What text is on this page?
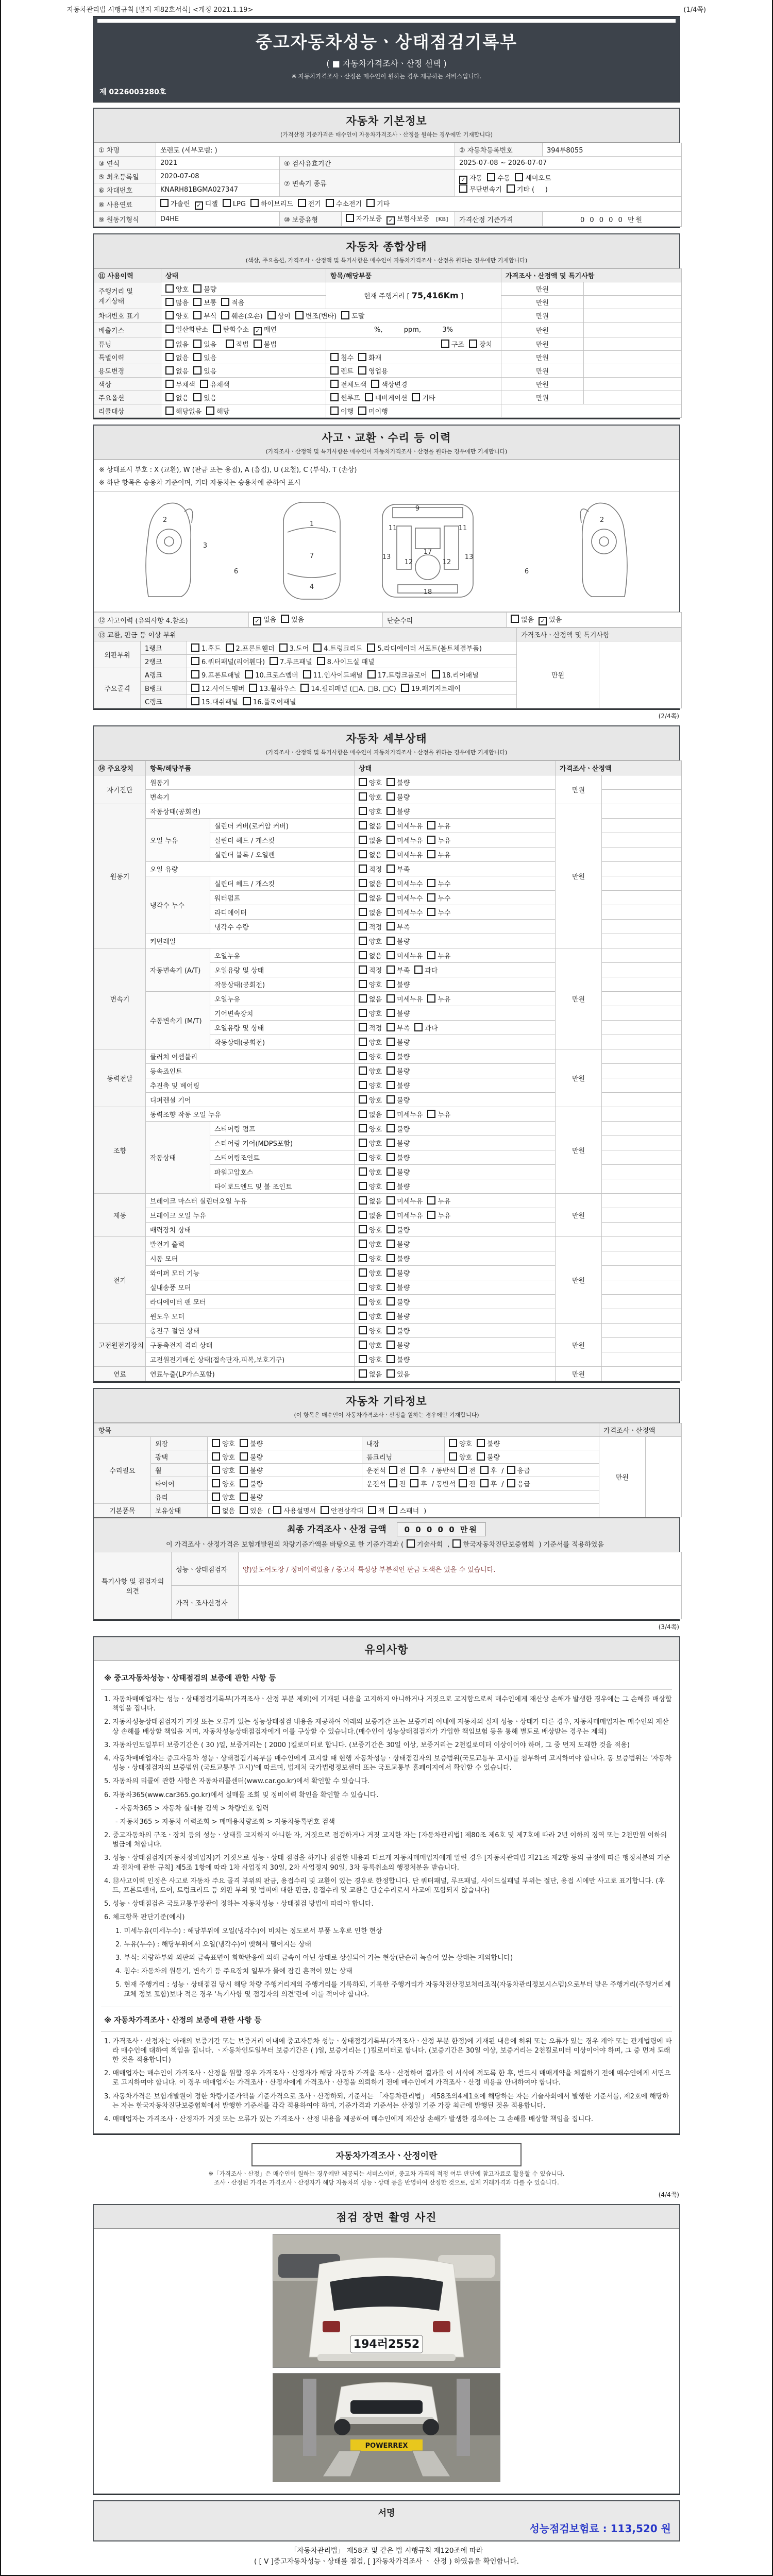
자동차관리법 시행규칙 [별지 제82호서식] <개정 2021.1.19>	(1/4쪽)
중고자동차성능ㆍ상태점검기록부
( ■ 자동차가격조사ㆍ산정 선택 )
※ 자동차가격조사ㆍ산정은 매수인이 원하는 경우 제공하는 서비스입니다.
제 0226003280호
자동차 기본정보
(가격산정 기준가격은 매수인이 자동차가격조사ㆍ산정을 원하는 경우에만 기재합니다)
① 차명	쏘렌토 (세부모델: )			② 자동차등록번호	394루8055
③ 연식	2021	④ 검사유효기간		2025-07-08 ~ 2026-07-07	
⑤ 최초등록일	2020-07-08	⑦ 변속기 종류		✓ 자동 수동 세미오토
무단변속기 기타 (     )	

⑥ 차대번호	KNARH81BGMA027347				
⑧ 사용연료	가솔린 ✓ 디젤 LPG 하이브리드 전기 수소전기 기타				
⑨ 원동기형식	D4HE	⑩ 보증유형	자가보증 ✓ 보험사보증 [KB]	가격산정 기준가격	0 0 0 0 0 만원
자동차 종합상태
(색상, 주요옵션, 가격조사ㆍ산정액 및 특기사항은 매수인이 자동차가격조사ㆍ산정을 원하는 경우에만 기재합니다)
⑪ 사용이력	상태	항목/해당부품	가격조사ㆍ산정액 및 특기사항	
주행거리 및 계기상태	양호 불량	현재 주행거리 [ 75,416Km ]	만원	
	많음 보통 적음		만원	
차대번호 표기	양호 부식 훼손(오손) 상이 변조(변타) 도말		만원	
배출가스	일산화탄소 탄화수소 ✓ 매연	%,          ppm,          3%	만원	
튜닝	없음 있음 적법 불법	구조 장치	만원	
특별이력	없음 있음	침수 화재	만원	
용도변경	없음 있음	렌트 영업용	만원	
색상	무채색 유채색	전체도색 색상변경	만원	
주요옵션	없음 있음	썬루프 네비게이션 기타	만원	
리콜대상	해당없음 해당	이행 미이행		
사고ㆍ교환ㆍ수리 등 이력
(가격조사ㆍ산정액 및 특기사항은 매수인이 자동차가격조사ㆍ산정을 원하는 경우에만 기재합니다)
※ 상태표시 부호 : X (교환), W (판금 또는 용접), A (흠집), U (요철), C (부식), T (손상)
※ 하단 항목은 승용차 기준이며, 기타 자동차는 승용차에 준하여 표시
2
3
6
1
7
4
9
11	11
13	13
12	12
17
18
2
6
⑫ 사고이력 (유의사항 4.참조)	✓ 없음 있음	단순수리	없음 ✓ 있음
⑬ 교환, 판금 등 이상 부위			가격조사ㆍ산정액 및 특기사항	
외판부위	1랭크	1.후드 2.프론트휀더 3.도어 4.트렁크리드 5.라디에이터 서포트(볼트체결부품)	만원	
	2랭크	6.쿼터패널(리어휀다) 7.루프패널 8.사이드실 패널		
주요골격	A랭크	9.프론트패널 10.크로스멤버 11.인사이드패널 17.트렁크플로어 18.리어패널		
	B랭크	12.사이드멤버 13.휠하우스 14.필러패널 (□A, □B, □C) 19.패키지트레이		
	C랭크	15.대쉬패널 16.플로어패널		
(2/4쪽)
자동차 세부상태
(가격조사ㆍ산정액 및 특기사항은 매수인이 자동차가격조사ㆍ산정을 원하는 경우에만 기재합니다)
⑭ 주요장치	항목/해당부품		상태	가격조사ㆍ산정액	
자기진단	원동기		양호 불량	만원	
	변속기		양호 불량		
원동기	작동상태(공회전)		양호 불량	만원	
	오일 누유	실린더 커버(로커암 커버)	없음 미세누유 누유		
		실린더 헤드 / 개스킷	없음 미세누유 누유		
		실린더 블록 / 오일팬	없음 미세누유 누유		
	오일 유량		적정 부족		
	냉각수 누수	실린더 헤드 / 개스킷	없음 미세누수 누수		
		워터펌프	없음 미세누수 누수		
		라디에이터	없음 미세누수 누수		
		냉각수 수량	적정 부족		
	커먼레일		양호 불량		
변속기	자동변속기 (A/T)	오일누유	없음 미세누유 누유	만원	
		오일유량 및 상태	적정 부족 과다		
		작동상태(공회전)	양호 불량		
	수동변속기 (M/T)	오일누유	없음 미세누유 누유		
		기어변속장치	양호 불량		
		오일유량 및 상태	적정 부족 과다		
		작동상태(공회전)	양호 불량		
동력전달	클러치 어셈블리		양호 불량	만원	
	등속죠인트		양호 불량		
	추진축 및 베어링		양호 불량		
	디퍼렌셜 기어		양호 불량		
조향	동력조향 작동 오일 누유		없음 미세누유 누유	만원	
	작동상태	스티어링 펌프	양호 불량		
		스티어링 기어(MDPS포함)	양호 불량		
		스티어링조인트	양호 불량		
		파워고압호스	양호 불량		
		타이로드엔드 및 볼 조인트	양호 불량		
제동	브레이크 마스터 실린더오일 누유		없음 미세누유 누유	만원	
	브레이크 오일 누유		없음 미세누유 누유		
	배력장치 상태		양호 불량		
전기	발전기 출력		양호 불량	만원	
	시동 모터		양호 불량		
	와이퍼 모터 기능		양호 불량		
	실내송풍 모터		양호 불량		
	라디에이터 팬 모터		양호 불량		
	윈도우 모터		양호 불량		
고전원전기장치	충전구 절연 상태		양호 불량	만원	
	구동축전지 격리 상태		양호 불량		
	고전원전기배선 상태(접속단자,피복,보호기구)		양호 불량		
연료	연료누출(LP가스포함)		없음 있음	만원	
자동차 기타정보
(이 항목은 매수인이 자동차가격조사ㆍ산정을 원하는 경우에만 기재합니다)
항목					가격조사ㆍ산정액	
수리필요	외장	양호 불량	내장	양호 불량	만원	
	광택	양호 불량	룸크리닝	양호 불량		
	휠	양호 불량	운전석 전 후 / 동반석 전 후 / 응급			
	타이어	양호 불량	운전석 전 후 / 동반석 전 후 / 응급			
	유리	양호 불량				
기본품목	보유상태	없음 있음 ( 사용설명서 안전삼각대 잭 스패너 )				
최종 가격조사ㆍ산정 금액 0 0 0 0 0 만원
이 가격조사ㆍ산정가격은 보험개발원의 차량기준가액을 바탕으로 한 기준가격과 ( 기술사회 , 한국자동차진단보증협회 ) 기준서를 적용하였음
특기사항 및 점검자의 의견	성능ㆍ상태점검자	양)앞도어도장 / 정비이력있음 / 중고차 특성상 부분적인 판금 도색은 있을 수 있습니다.
	가격ㆍ조사산정자	
(3/4쪽)
유의사항
※ 중고자동차성능ㆍ상태점검의 보증에 관한 사항 등
1. 자동차매매업자는 성능ㆍ상태점검기록부(가격조사ㆍ산정 부분 제외)에 기재된 내용을 고지하지 아니하거나 거짓으로 고지함으로써 매수인에게 재산상 손해가 발생한 경우에는 그 손해를 배상할 책임을 집니다.
2. 자동차성능상태점검자가 거짓 또는 오류가 있는 성능상태점검 내용을 제공하여 아래의 보증기간 또는 보증거리 이내에 자동차의 실제 성능ㆍ상태가 다른 경우, 자동차매매업자는 매수인의 재산상 손해를 배상할 책임을 지며, 자동차성능상태점검자에게 이를 구상할 수 있습니다.(매수인이 성능상태점검자가 가입한 책임보험 등을 통해 별도로 배상받는 경우는 제외)
3. 자동차인도일부터 보증기간은 ( 30 )일, 보증거리는 ( 2000 )킬로미터로 합니다. (보증기간은 30일 이상, 보증거리는 2천킬로미터 이상이어야 하며, 그 중 먼저 도래한 것을 적용)
4. 자동차매매업자는 중고자동차 성능ㆍ상태점검기록부를 매수인에게 고지할 때 현행 자동차성능ㆍ상태점검자의 보증범위(국토교통부 고시)를 첨부하여 고지하여야 합니다. 동 보증범위는 '자동차성능ㆍ상태점검자의 보증범위 (국토교통부 고시)'에 따르며, 법제처 국가법령정보센터 또는 국토교통부 홈페이지에서 확인할 수 있습니다.
5. 자동차의 리콜에 관한 사항은 자동차리콜센터(www.car.go.kr)에서 확인할 수 있습니다.
6. 자동차365(www.car365.go.kr)에서 실매물 조회 및 정비이력 확인을 확인할 수 있습니다.
- 자동차365 > 자동차 실매물 검색 > 차량번호 입력
- 자동차365 > 자동차 이력조회 > 매매용차량조회 > 자동차등록번호 검색
2. 중고자동차의 구조ㆍ장치 등의 성능ㆍ상태를 고지하지 아니한 자, 거짓으로 점검하거나 거짓 고지한 자는 [자동차관리법] 제80조 제6호 및 제7호에 따라 2년 이하의 징역 또는 2천만원 이하의 벌금에 처합니다.
3. 성능ㆍ상태점검자(자동차정비업자)가 거짓으로 성능ㆍ상태 점검을 하거나 점검한 내용과 다르게 자동차매매업자에게 알린 경우 [자동차관리법 제21조 제2항 등의 규정에 따른 행정처분의 기준과 절차에 관한 규칙] 제5조 1항에 따라 1차 사업정지 30일, 2차 사업정지 90일, 3차 등록취소의 행정처분을 받습니다.
4. ⑫사고이력 인정은 사고로 자동차 주요 골격 부위의 판금, 용접수리 및 교환이 있는 경우로 한정합니다. 단 쿼터패널, 루프패널, 사이드실패널 부위는 절단, 용접 시에만 사고로 표기합니다. (후드, 프론트펜더, 도어, 트렁크리드 등 외판 부위 및 범퍼에 대한 판금, 용접수리 및 교환은 단순수리로서 사고에 포함되지 않습니다)
5. 성능ㆍ상태점검은 국토교통부장관이 정하는 자동차성능ㆍ상태점검 방법에 따라야 합니다.
6. 체크항목 판단기준(예시)
1. 미세누유(미세누수) : 해당부위에 오일(냉각수)이 비치는 정도로서 부품 노후로 인한 현상
2. 누유(누수) : 해당부위에서 오일(냉각수)이 맺혀서 떨어지는 상태
3. 부식: 차량하부와 외판의 금속표면이 화학반응에 의해 금속이 아닌 상태로 상실되어 가는 현상(단순히 녹슬어 있는 상태는 제외합니다)
4. 침수: 자동차의 원동기, 변속기 등 주요장치 일부가 물에 잠긴 흔적이 있는 상태
5. 현재 주행거리 : 성능ㆍ상태점검 당시 해당 차량 주행거리계의 주행거리를 기록하되, 기록한 주행거리가 자동차전산정보처리조직(자동차관리정보시스템)으로부터 받은 주행거리(주행거리계 교체 정보 포함)보다 적은 경우 '특기사항 및 점검자의 의견'란에 이를 적어야 합니다.
※ 자동차가격조사ㆍ산정의 보증에 관한 사항 등
1. 가격조사ㆍ산정자는 아래의 보증기간 또는 보증거리 이내에 중고자동차 성능ㆍ상태점검기록부(가격조사ㆍ산정 부분 한정)에 기재된 내용에 허위 또는 오류가 있는 경우 계약 또는 관계법령에 따라 매수인에 대하여 책임을 집니다. ㆍ자동차인도일부터 보증기간은 ( )일, 보증거리는 ( )킬로미터로 합니다. (보증기간은 30일 이상, 보증거리는 2천킬로미터 이상이어야 하며, 그 중 먼저 도래한 것을 적용합니다)
2. 매매업자는 매수인이 가격조사ㆍ산정을 원할 경우 가격조사ㆍ산정자가 해당 자동차 가격을 조사ㆍ산정하여 결과를 이 서식에 적도록 한 후, 반드시 매매계약을 체결하기 전에 매수인에게 서면으로 고지하여야 합니다. 이 경우 매매업자는 가격조사ㆍ산정자에게 가격조사ㆍ산정을 의뢰하기 전에 매수인에게 가격조사ㆍ산정 비용을 안내하여야 합니다.
3. 자동차가격은 보험개발원이 정한 차량기준가액을 기준가격으로 조사ㆍ산정하되, 기준서는 「자동차관리법」 제58조의4제1호에 해당하는 자는 기술사회에서 발행한 기준서를, 제2호에 해당하는 자는 한국자동차진단보증협회에서 발행한 기준서를 각각 적용하여야 하며, 기준가격과 기준서는 산정일 기준 가장 최근에 발행된 것을 적용합니다.
4. 매매업자는 가격조사ㆍ산정자가 거짓 또는 오류가 있는 가격조사ㆍ산정 내용을 제공하여 매수인에게 재산상 손해가 발생한 경우에는 그 손해를 배상할 책임을 집니다.
자동차가격조사ㆍ산정이란
※「가격조사ㆍ산정」은 매수인이 원하는 경우에만 제공되는 서비스이며, 중고차 가격의 적정 여부 판단에 참고자료로 활용할 수 있습니다.
조사ㆍ산정된 가격은 가격조사ㆍ산정자가 해당 자동차의 성능ㆍ상태 등을 반영하여 산정한 것으로, 실제 거래가격과 다를 수 있습니다.
(4/4쪽)
점검 장면 촬영 사진
194러2552
POWERREX
서명
성능점검보험료 : 113,520 원
「자동차관리법」 제58조 및 같은 법 시행규칙 제120조에 따라
( [ V ]중고자동차성능ㆍ상태를 점검, [ ]자동차가격조사 ㆍ 산정 ) 하였음을 확인합니다.
